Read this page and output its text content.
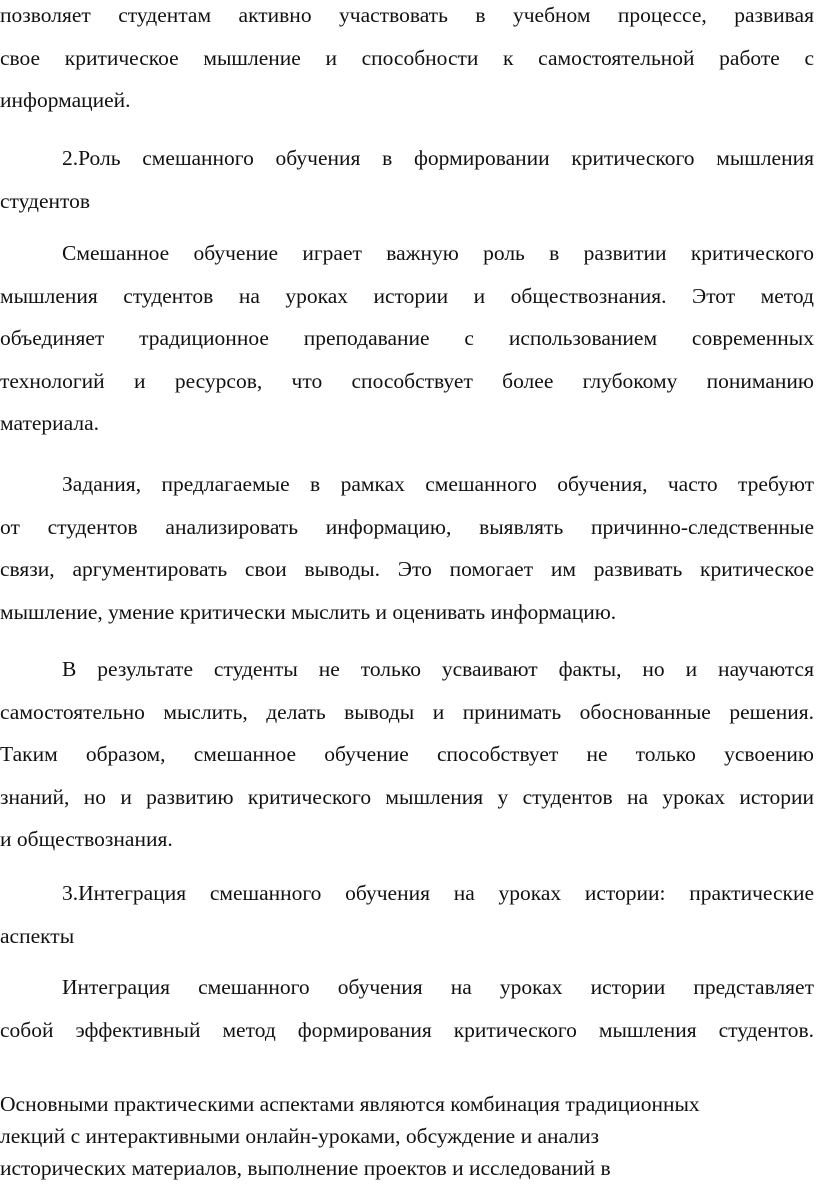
позволяет студентам активно участвовать в учебном процессе, развивая
свое критическое мышление и способности к самостоятельной работе с
информацией.

2.Роль смешанного обучения в формировании критического мышления
студентов

Смешанное обучение играет важную роль в развитии критического
мышления студентов на уроках истории и обществознания. Этот метод
объединяет традиционное преподавание с использованием современных
технологий и ресурсов, что способствует более глубокому пониманию
материала.

Задания, предлагаемые в рамках смешанного обучения, часто требуют
от студентов анализировать информацию, выявлять причинно-следственные
связи, аргументировать свои выводы. Это помогает им развивать критическое
мышление, умение критически мыслить и оценивать информацию.

В результате студенты не только усваивают факты, но и научаются
самостоятельно мыслить, делать выводы и принимать обоснованные решения.
Таким образом, смешанное обучение способствует не только усвоению
знаний, но и развитию критического мышления у студентов на уроках истории
и обществознания.

3.Интеграция смешанного обучения на уроках истории: практические
аспекты

Интеграция смешанного обучения на уроках истории представляет
собой эффективный метод формирования критического мышления студентов.

Основными практическими аспектами являются комбинация традиционных
лекций с интерактивными онлайн-уроками, обсуждение и анализ
исторических материалов, выполнение проектов и исследований в
